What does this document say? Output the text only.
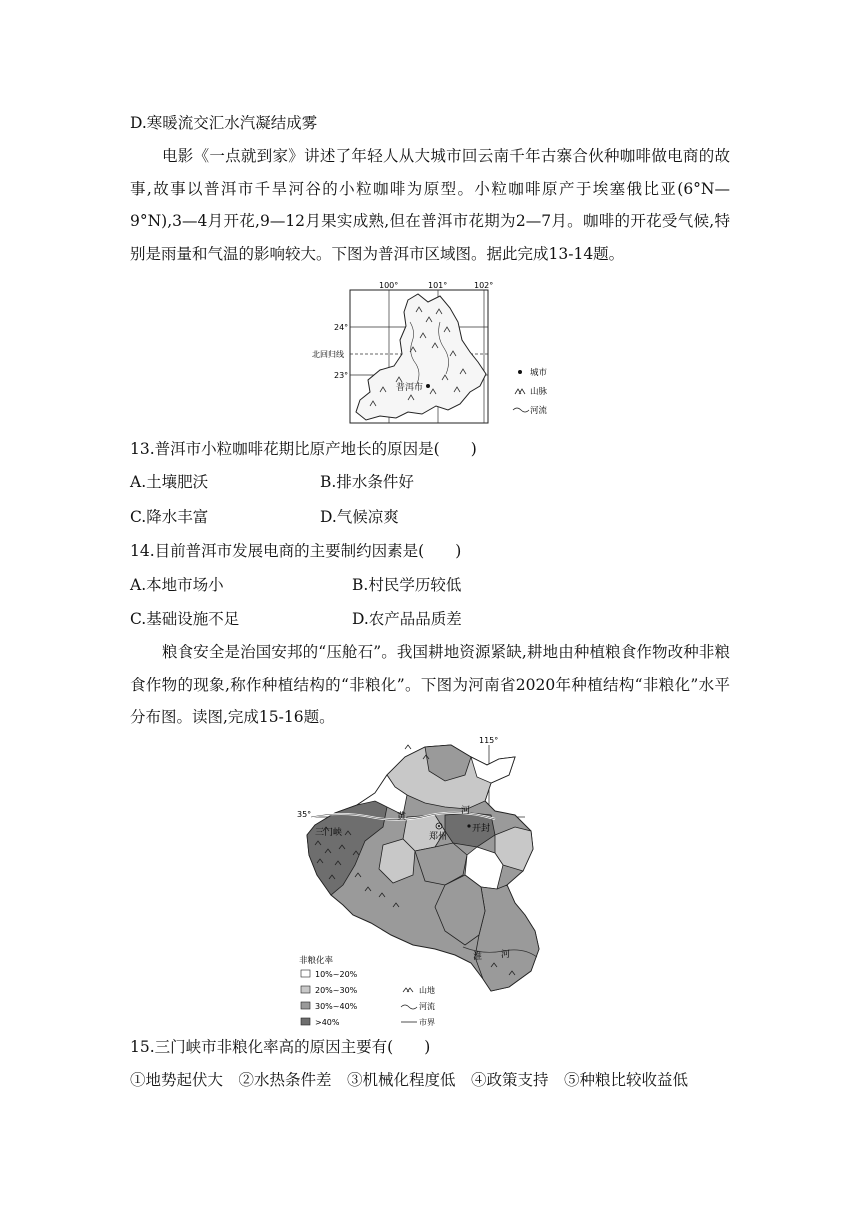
D.寒暖流交汇水汽凝结成雾
电影《一点就到家》讲述了年轻人从大城市回云南千年古寨合伙种咖啡做电商的故事,故事以普洱市千旱河谷的小粒咖啡为原型。小粒咖啡原产于埃塞俄比亚(6°N—9°N),3—4月开花,9—12月果实成熟,但在普洱市花期为2—7月。咖啡的开花受气候,特别是雨量和气温的影响较大。下图为普洱市区域图。据此完成13-14题。
普洱市
100°	101°	102°
24°
23°
北回归线
城市
山脉
河流
13.普洱市小粒咖啡花期比原产地长的原因是(　　)
A.土壤肥沃	B.排水条件好
C.降水丰富	D.气候凉爽
14.目前普洱市发展电商的主要制约因素是(　　)
A.本地市场小	B.村民学历较低
C.基础设施不足	D.农产品品质差
粮食安全是治国安邦的“压舱石”。我国耕地资源紧缺,耕地由种植粮食作物改种非粮食作物的现象,称作种植结构的“非粮化”。下图为河南省2020年种植结构“非粮化”水平分布图。读图,完成15-16题。
三门峡	郑州
开封
黄
河
淮 河
115°
35°
非粮化率
10%~20%
20%~30%
30%~40%
>40%
山地
河流
市界
15.三门峡市非粮化率高的原因主要有(　　)
①地势起伏大　②水热条件差　③机械化程度低　④政策支持　⑤种粮比较收益低
